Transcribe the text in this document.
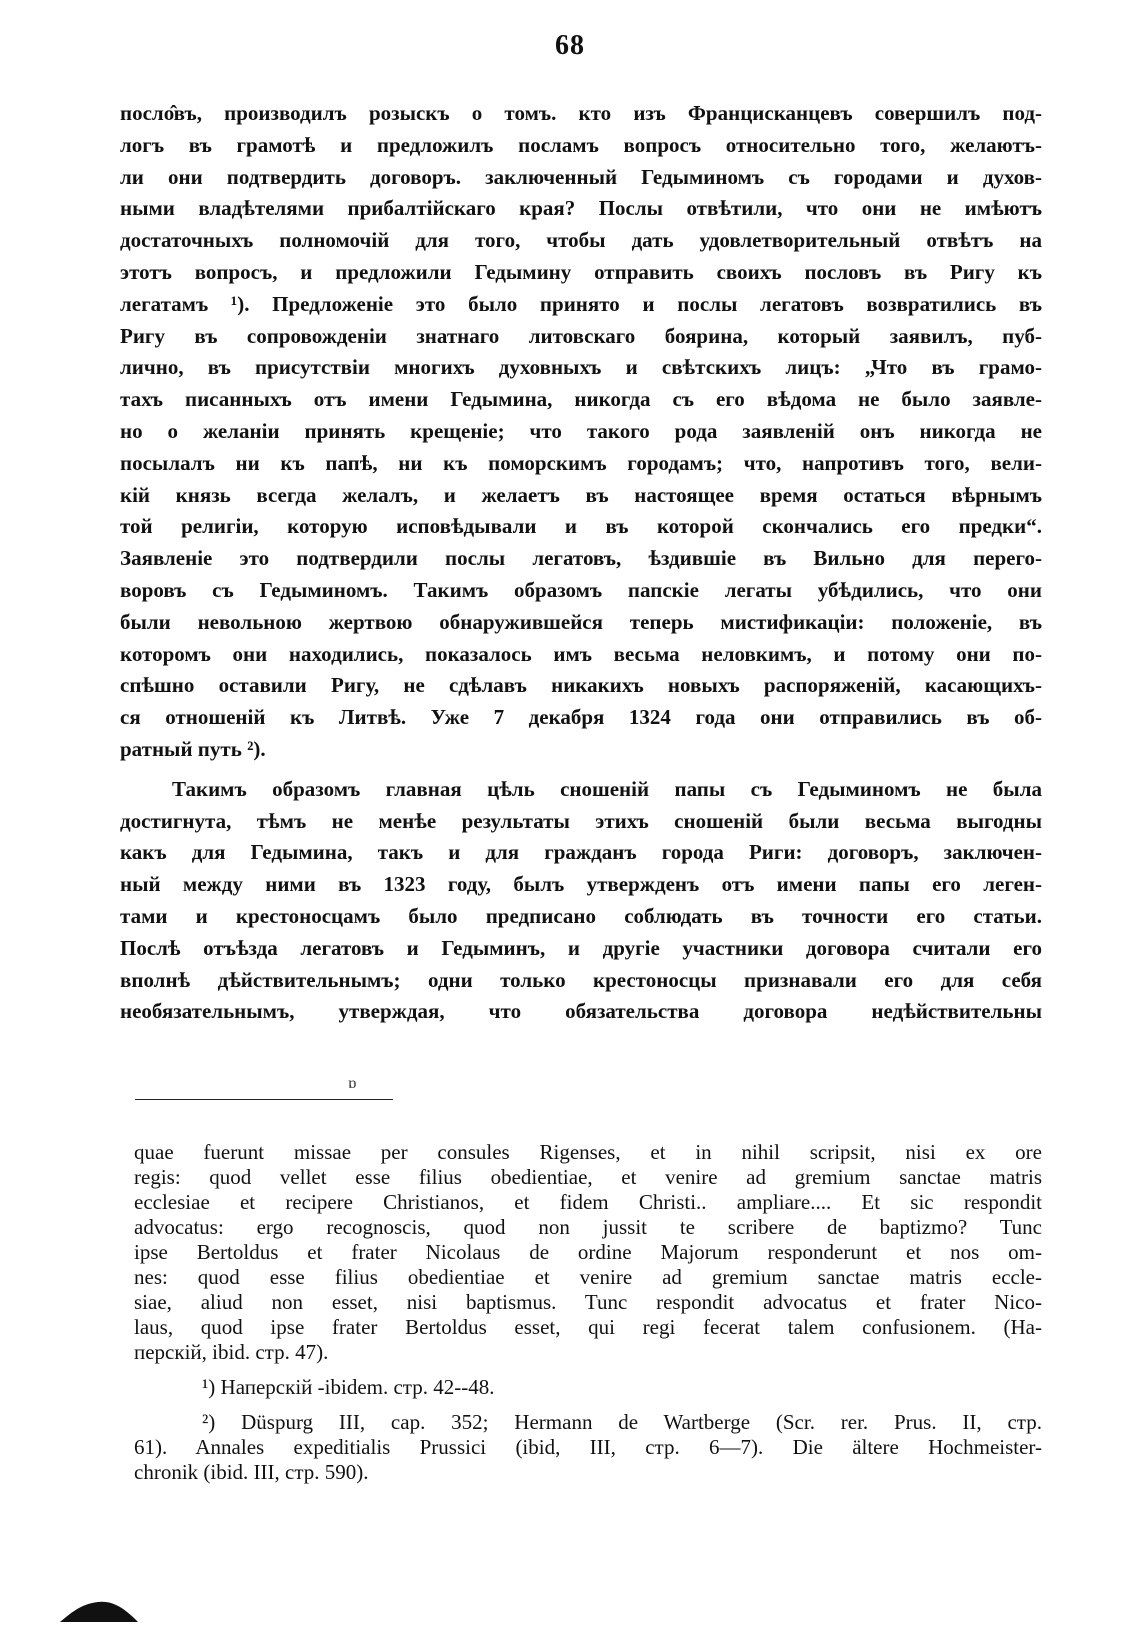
68
посло̂въ, производилъ розыскъ о томъ. кто изъ Францисканцевъ совершилъ под-
логъ въ грамотѣ и предложилъ посламъ вопросъ относительно того, желаютъ-
ли они подтвердить договоръ. заключенный Гедыминомъ съ городами и духов-
ными владѣтелями прибалтійскаго края? Послы отвѣтили, что они не имѣютъ
достаточныхъ полномочій для того, чтобы дать удовлетворительный отвѣтъ на
этотъ вопросъ, и предложили Гедымину отправить своихъ пословъ въ Ригу къ
легатамъ ¹). Предложеніе это было принято и послы легатовъ возвратились въ
Ригу въ сопровожденіи знатнаго литовскаго боярина, который заявилъ, пуб-
лично, въ присутствіи многихъ духовныхъ и свѣтскихъ лицъ: „Что въ грамо-
тахъ писанныхъ отъ имени Гедымина, никогда съ его вѣдома не было заявле-
но о желаніи принять крещеніе; что такого рода заявленій онъ никогда не
посылалъ ни къ папѣ, ни къ поморскимъ городамъ; что, напротивъ того, вели-
кій князь всегда желалъ, и желаетъ въ настоящее время остаться вѣрнымъ
той религіи, которую исповѣдывали и въ которой скончались его предки“.
Заявленіе это подтвердили послы легатовъ, ѣздившіе въ Вильно для перего-
воровъ съ Гедыминомъ. Такимъ образомъ папскіе легаты убѣдились, что они
были невольною жертвою обнаружившейся теперь мистификаціи: положеніе, въ
которомъ они находились, показалось имъ весьма неловкимъ, и потому они по-
спѣшно оставили Ригу, не сдѣлавъ никакихъ новыхъ распоряженій, касающихъ-
ся отношеній къ Литвѣ. Уже 7 декабря 1324 года они отправились въ об-
ратный путь ²).
Такимъ образомъ главная цѣль сношеній папы съ Гедыминомъ не была
достигнута, тѣмъ не менѣе результаты этихъ сношеній были весьма выгодны
какъ для Гедымина, такъ и для гражданъ города Риги: договоръ, заключен-
ный между ними въ 1323 году, былъ утвержденъ отъ имени папы его леген-
тами и крестоносцамъ было предписано соблюдать въ точности его статьи.
Послѣ отъѣзда легатовъ и Гедыминъ, и другіе участники договора считали его
вполнѣ дѣйствительнымъ; одни только крестоносцы признавали его для себя
необязательнымъ, утверждая, что обязательства договора недѣйствительны
ɒ
quae fuerunt missae per consules Rigenses, et in nihil scripsit, nisi ex ore
regis: quod vellet esse filius obedientiae, et venire ad gremium sanctae matris
ecclesiae et recipere Christianos, et fidem Christi.. ampliare.... Et sic respondit
advocatus: ergo recognoscis, quod non jussit te scribere de baptizmo? Tunc
ipse Bertoldus et frater Nicolaus de ordine Majorum responderunt et nos om-
nes: quod esse filius obedientiae et venire ad gremium sanctae matris eccle-
siae, aliud non esset, nisi baptismus. Tunc respondit advocatus et frater Nico-
laus, quod ipse frater Bertoldus esset, qui regi fecerat talem confusionem. (На-
перскій, ibid. стр. 47).
¹) Наперскій -ibidem. стр. 42--48.
²) Düspurg III, cap. 352; Hermann de Wartberge (Scr. rer. Prus. II, стр.
61). Annales expeditialis Prussici (ibid, III, стр. 6—7). Die ältere Hochmeister-
chronik (ibid. III, стр. 590).
